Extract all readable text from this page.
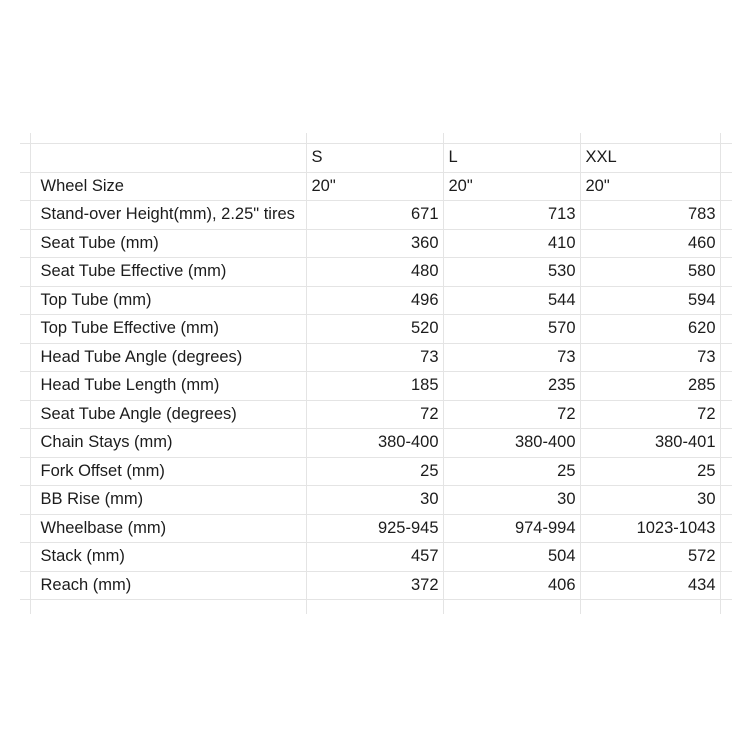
		S	L	XXL	
	Wheel Size	20"	20"	20"	
	Stand-over Height(mm), 2.25" tires	671	713	783	
	Seat Tube (mm)	360	410	460	
	Seat Tube Effective (mm)	480	530	580	
	Top Tube (mm)	496	544	594	
	Top Tube Effective (mm)	520	570	620	
	Head Tube Angle (degrees)	73	73	73	
	Head Tube Length (mm)	185	235	285	
	Seat Tube Angle (degrees)	72	72	72	
	Chain Stays (mm)	380-400	380-400	380-401	
	Fork Offset (mm)	25	25	25	
	BB Rise (mm)	30	30	30	
	Wheelbase (mm)	925-945	974-994	1023-1043	
	Stack (mm)	457	504	572	
	Reach (mm)	372	406	434	
